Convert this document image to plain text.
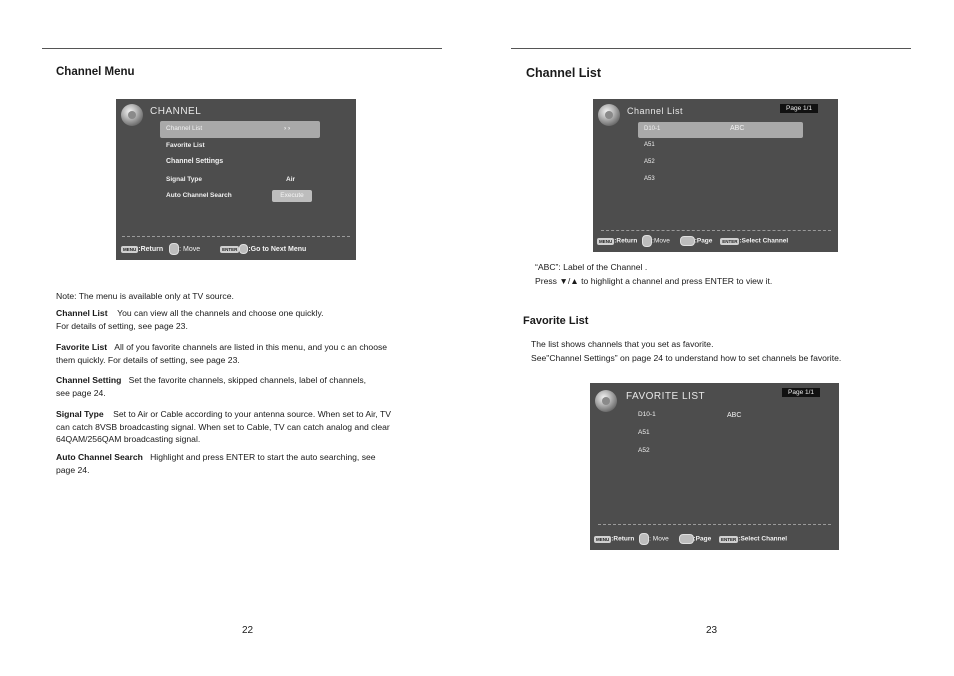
Channel Menu
CHANNEL
Channel List	› ›
Favorite List
Channel Settings
Signal Type	Air
Auto Channel Search	Execute
MENU :Return : Move	ENTER :Go to Next Menu
Note: The menu is available only at TV source.
Channel List You can view all the channels and choose one quickly.
For details of setting, see page 23.
Favorite List All of you favorite channels are listed in this menu, and you c an choose
them quickly. For details of setting, see page 23.
Channel Setting Set the favorite channels, skipped channels, label of channels,
see page 24.
Signal Type Set to Air or Cable according to your antenna source. When set to Air, TV
can catch 8VSB broadcasting signal. When set to Cable, TV can catch analog and clear
64QAM/256QAM broadcasting signal.
Auto Channel Search Highlight and press ENTER to start the auto searching, see
page 24.
22
Channel List
Channel List	Page 1/1
D10-1	ABC
A51
A52
A53
MENU :Return :Move	:Page ENTER :Select Channel
“ABC”: Label of the Channel .
Press ▼/▲ to highlight a channel and press ENTER to view it.
Favorite List
The list shows channels that you set as favorite.
See"Channel Settings” on page 24 to understand how to set channels be favorite.
FAVORITE LIST	Page 1/1
D10-1	ABC
A51
A52
MENU :Return : Move	:Page ENTER :Select Channel
23
